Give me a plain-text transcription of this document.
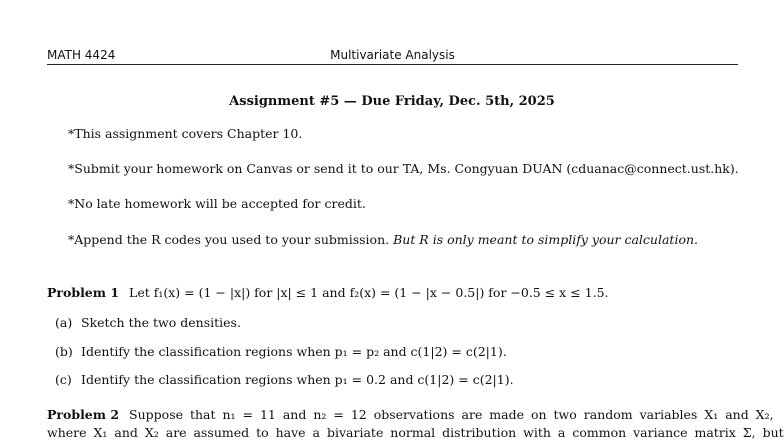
MATH 4424	Multivariate Analysis
Assignment #5 — Due Friday, Dec. 5th, 2025
*This assignment covers Chapter 10.
*Submit your homework on Canvas or send it to our TA, Ms. Congyuan DUAN (cduanac@connect.ust.hk).
*No late homework will be accepted for credit.
*Append the R codes you used to your submission. But R is only meant to simplify your calculation.
Problem 1 Let f₁(x) = (1 − |x|) for |x| ≤ 1 and f₂(x) = (1 − |x − 0.5|) for −0.5 ≤ x ≤ 1.5.
(a) Sketch the two densities.
(b) Identify the classification regions when p₁ = p₂ and c(1|2) = c(2|1).
(c) Identify the classification regions when p₁ = 0.2 and c(1|2) = c(2|1).
Problem 2 Suppose that n₁ = 11 and n₂ = 12 observations are made on two random variables X₁ and X₂,
where X₁ and X₂ are assumed to have a bivariate normal distribution with a common variance matrix Σ, but
